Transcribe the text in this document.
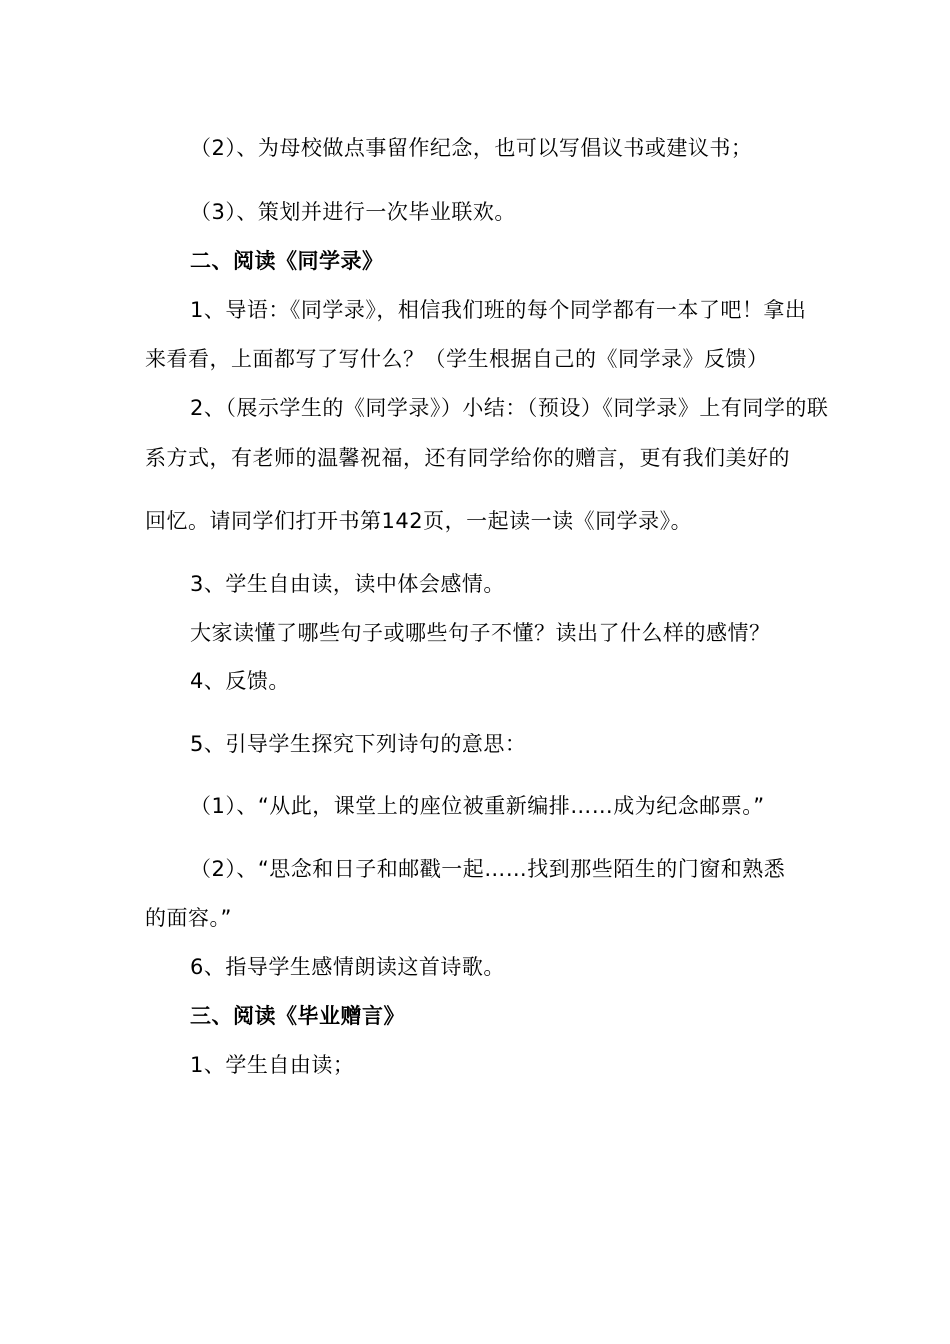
（2）、为母校做点事留作纪念，也可以写倡议书或建议书；
（3）、策划并进行一次毕业联欢。
二、阅读《同学录》
1、导语：《同学录》，相信我们班的每个同学都有一本了吧！拿出
来看看，上面都写了写什么？（学生根据自己的《同学录》反馈）
2、（展示学生的《同学录》）小结：（预设）《同学录》上有同学的联
系方式，有老师的温馨祝福，还有同学给你的赠言，更有我们美好的
回忆。请同学们打开书第142页，一起读一读《同学录》。
3、学生自由读，读中体会感情。
大家读懂了哪些句子或哪些句子不懂？读出了什么样的感情？
4、反馈。
5、引导学生探究下列诗句的意思：
（1）、“从此，课堂上的座位被重新编排……成为纪念邮票。”
（2）、“思念和日子和邮戳一起……找到那些陌生的门窗和熟悉
的面容。”
6、指导学生感情朗读这首诗歌。
三、阅读《毕业赠言》
1、学生自由读；
